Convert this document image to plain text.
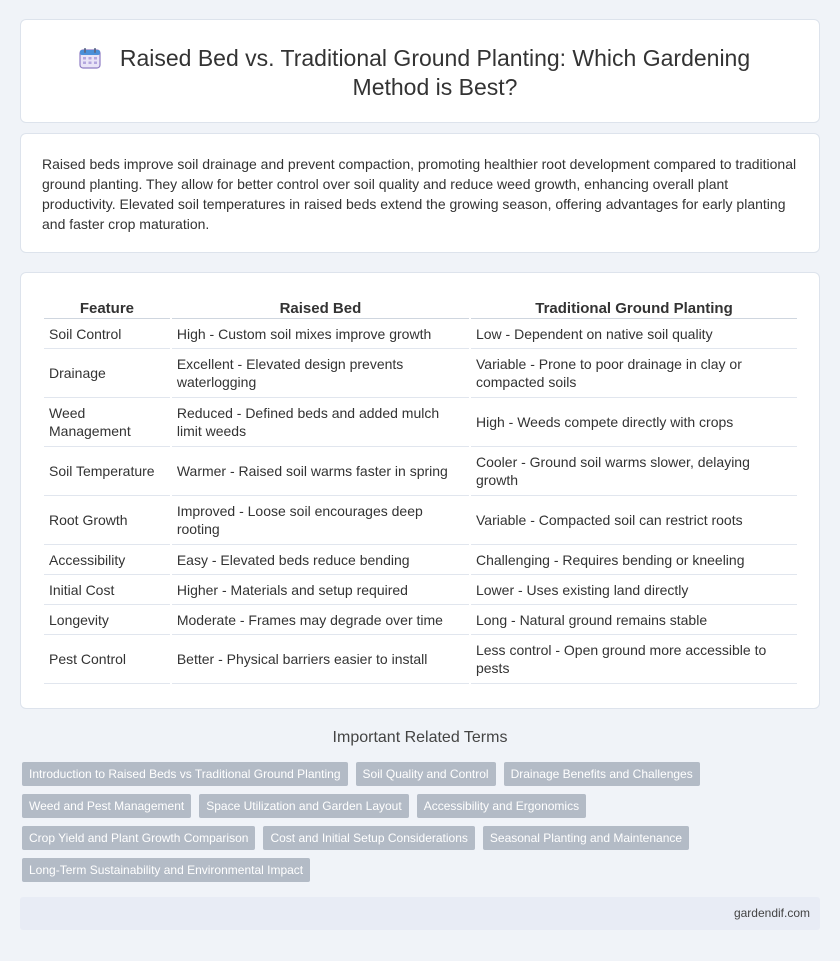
Raised Bed vs. Traditional Ground Planting: Which Gardening Method is Best?

Raised beds improve soil drainage and prevent compaction, promoting healthier root development compared to traditional ground planting. They allow for better control over soil quality and reduce weed growth, enhancing overall plant productivity. Elevated soil temperatures in raised beds extend the growing season, offering advantages for early planting and faster crop maturation.

Feature	Raised Bed	Traditional Ground Planting
Soil Control	High - Custom soil mixes improve growth	Low - Dependent on native soil quality
Drainage	Excellent - Elevated design prevents waterlogging	Variable - Prone to poor drainage in clay or compacted soils
Weed Management	Reduced - Defined beds and added mulch limit weeds	High - Weeds compete directly with crops
Soil Temperature	Warmer - Raised soil warms faster in spring	Cooler - Ground soil warms slower, delaying growth
Root Growth	Improved - Loose soil encourages deep rooting	Variable - Compacted soil can restrict roots
Accessibility	Easy - Elevated beds reduce bending	Challenging - Requires bending or kneeling
Initial Cost	Higher - Materials and setup required	Lower - Uses existing land directly
Longevity	Moderate - Frames may degrade over time	Long - Natural ground remains stable
Pest Control	Better - Physical barriers easier to install	Less control - Open ground more accessible to pests
Important Related Terms
Introduction to Raised Beds vs Traditional Ground Planting	Soil Quality and Control	Drainage Benefits and Challenges
Weed and Pest Management	Space Utilization and Garden Layout	Accessibility and Ergonomics
Crop Yield and Plant Growth Comparison	Cost and Initial Setup Considerations	Seasonal Planting and Maintenance
Long-Term Sustainability and Environmental Impact
gardendif.com
